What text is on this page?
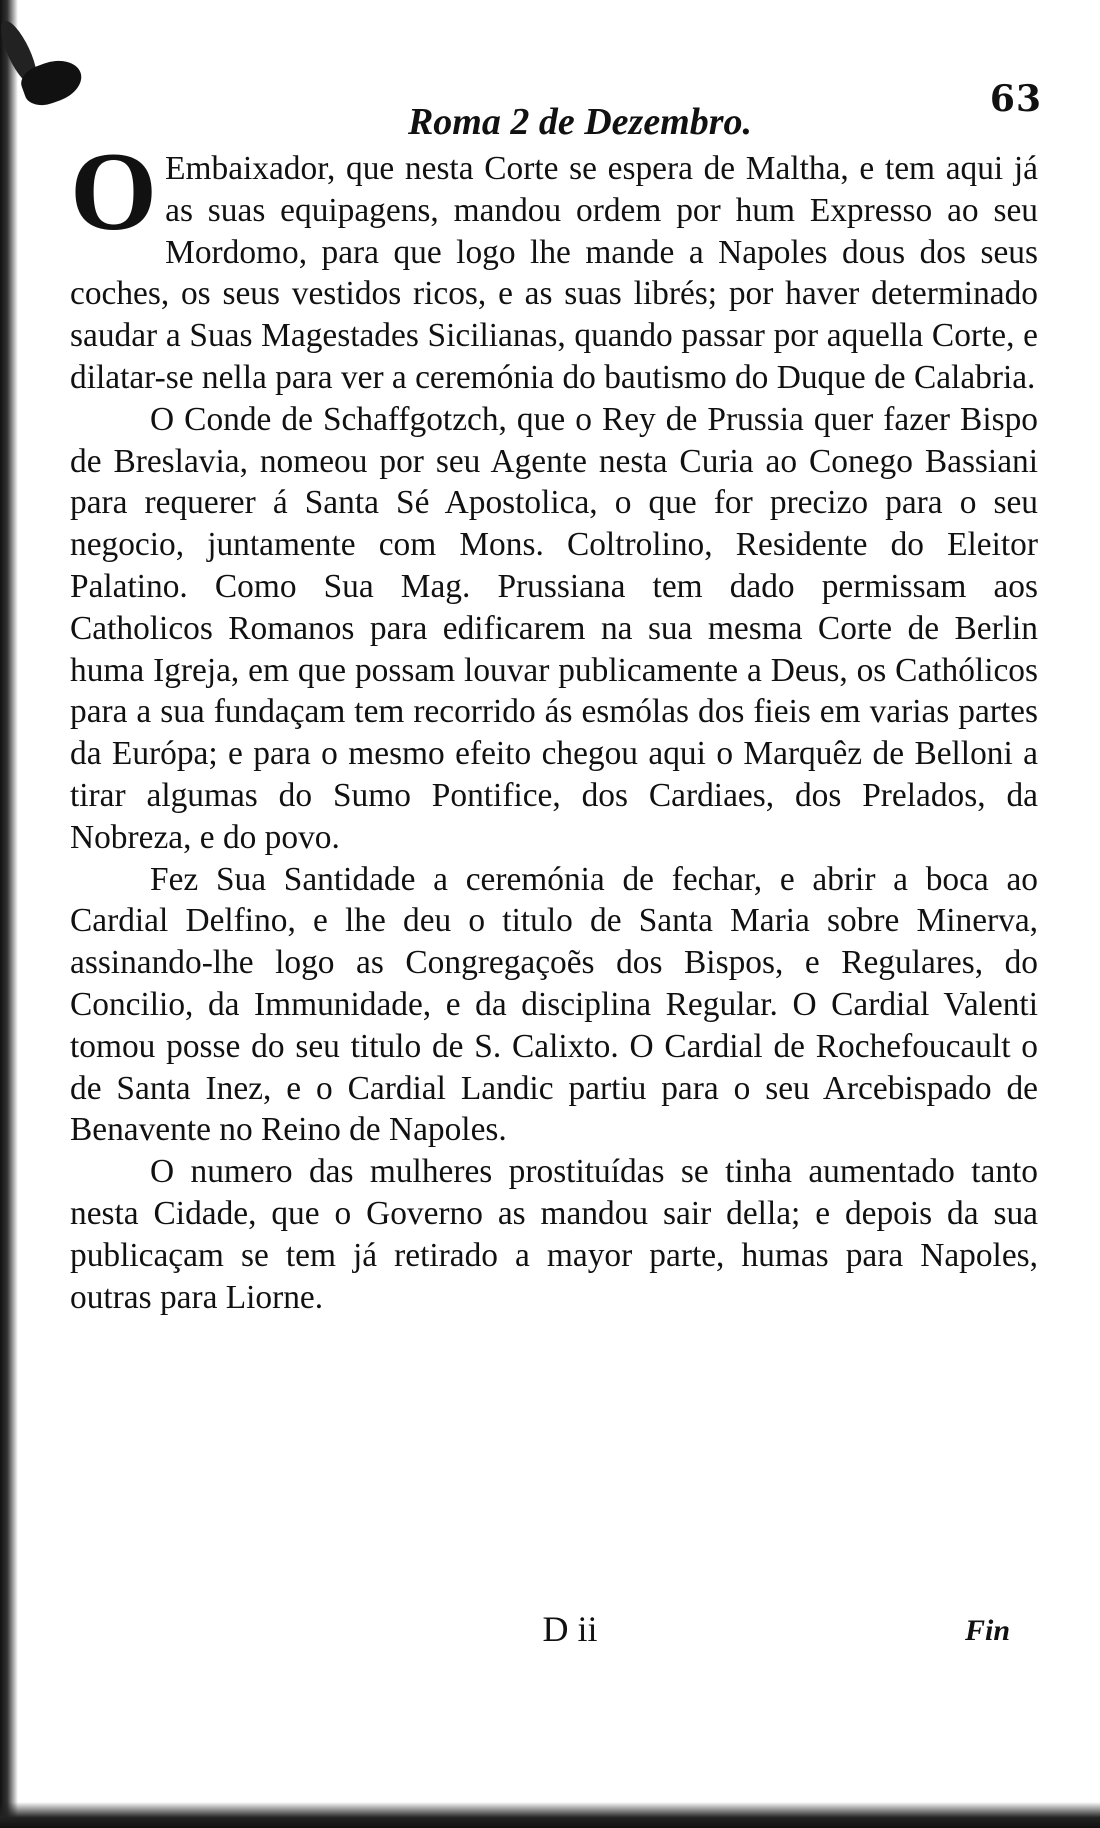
63
Roma 2 de Dezembro.

O Embaixador, que nesta Corte se espera de Maltha, e tem aqui já as suas equipagens, mandou ordem por hum Expresso ao seu Mordomo, para que logo lhe mande a Napoles dous dos seus coches, os seus vestidos ricos, e as suas librés; por haver determinado saudar a Suas Magestades Sicilianas, quando passar por aquella Corte, e dilatar-se nella para ver a ceremónia do bautismo do Duque de Calabria.

O Conde de Schaffgotzch, que o Rey de Prussia quer fazer Bispo de Breslavia, nomeou por seu Agente nesta Curia ao Conego Bassiani para requerer á Santa Sé Apostolica, o que for precizo para o seu negocio, juntamente com Mons. Coltrolino, Residente do Eleitor Palatino. Como Sua Mag. Prussiana tem dado permissam aos Catholicos Romanos para edificarem na sua mesma Corte de Berlin huma Igreja, em que possam louvar publicamente a Deus, os Cathólicos para a sua fundaçam tem recorrido ás esmólas dos fieis em varias partes da Európa; e para o mesmo efeito chegou aqui o Marquêz de Belloni a tirar algumas do Sumo Pontifice, dos Cardiaes, dos Prelados, da Nobreza, e do povo.

Fez Sua Santidade a ceremónia de fechar, e abrir a boca ao Cardial Delfino, e lhe deu o titulo de Santa Maria sobre Minerva, assinando-lhe logo as Congregaçoẽs dos Bispos, e Regulares, do Concilio, da Immunidade, e da disciplina Regular. O Cardial Valenti tomou posse do seu titulo de S. Calixto. O Cardial de Rochefoucault o de Santa Inez, e o Cardial Landic partiu para o seu Arcebispado de Benavente no Reino de Napoles.

O numero das mulheres prostituídas se tinha aumentado tanto nesta Cidade, que o Governo as mandou sair della; e depois da sua publicaçam se tem já retirado a mayor parte, humas para Napoles, outras para Liorne.

D ii	Fin
